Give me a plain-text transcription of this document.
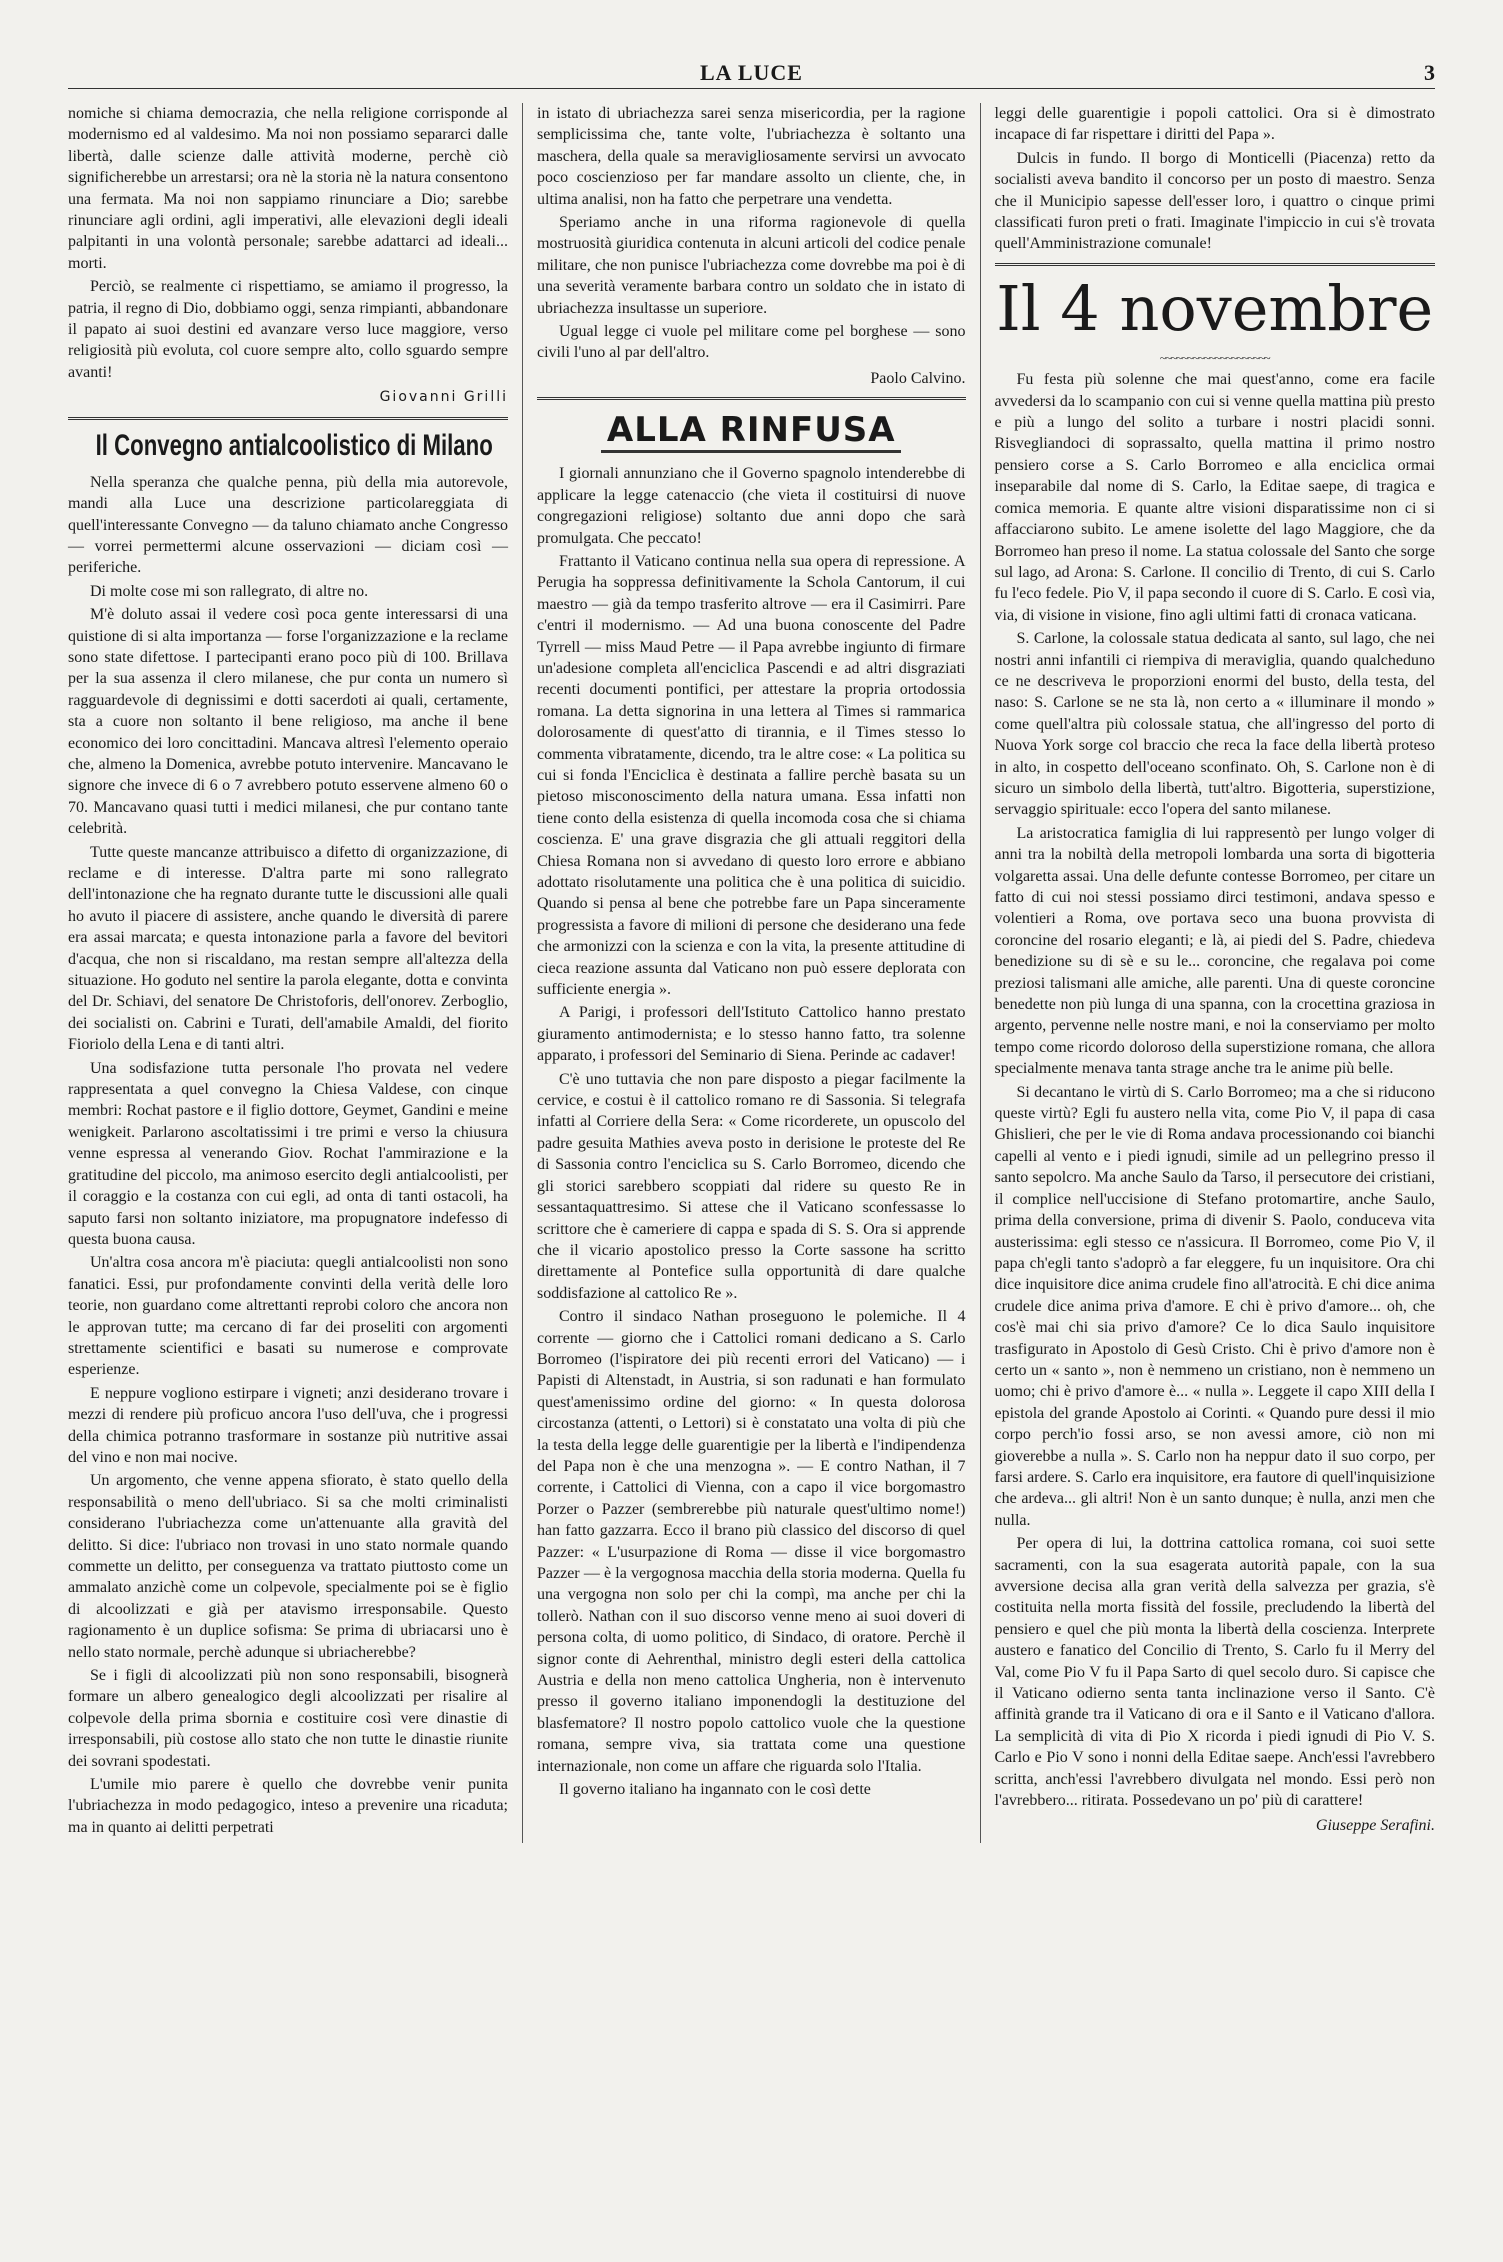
LA LUCE	3

nomiche si chiama democrazia, che nella religione corrisponde al modernismo ed al valdesimo. Ma noi non possiamo separarci dalle libertà, dalle scienze dalle attività moderne, perchè ciò significherebbe un arrestarsi; ora nè la storia nè la natura consentono una fermata. Ma noi non sappiamo rinunciare a Dio; sarebbe rinunciare agli ordini, agli imperativi, alle elevazioni degli ideali palpitanti in una volontà personale; sarebbe adattarci ad ideali... morti.

Perciò, se realmente ci rispettiamo, se amiamo il progresso, la patria, il regno di Dio, dobbiamo oggi, senza rimpianti, abbandonare il papato ai suoi destini ed avanzare verso luce maggiore, verso religiosità più evoluta, col cuore sempre alto, collo sguardo sempre avanti!

Giovanni Grilli
Il Convegno antialcoolistico di Milano

Nella speranza che qualche penna, più della mia autorevole, mandi alla Luce una descrizione particolareggiata di quell'interessante Convegno — da taluno chiamato anche Congresso — vorrei permettermi alcune osservazioni — diciam così — periferiche.

Di molte cose mi son rallegrato, di altre no.

M'è doluto assai il vedere così poca gente interessarsi di una quistione di si alta importanza — forse l'organizzazione e la reclame sono state difettose. I partecipanti erano poco più di 100. Brillava per la sua assenza il clero milanese, che pur conta un numero sì ragguardevole di degnissimi e dotti sacerdoti ai quali, certamente, sta a cuore non soltanto il bene religioso, ma anche il bene economico dei loro concittadini. Mancava altresì l'elemento operaio che, almeno la Domenica, avrebbe potuto intervenire. Mancavano le signore che invece di 6 o 7 avrebbero potuto esservene almeno 60 o 70. Mancavano quasi tutti i medici milanesi, che pur contano tante celebrità.

Tutte queste mancanze attribuisco a difetto di organizzazione, di reclame e di interesse. D'altra parte mi sono rallegrato dell'intonazione che ha regnato durante tutte le discussioni alle quali ho avuto il piacere di assistere, anche quando le diversità di parere era assai marcata; e questa intonazione parla a favore del bevitori d'acqua, che non si riscaldano, ma restan sempre all'altezza della situazione. Ho goduto nel sentire la parola elegante, dotta e convinta del Dr. Schiavi, del senatore De Christoforis, dell'onorev. Zerboglio, dei socialisti on. Cabrini e Turati, dell'amabile Amaldi, del fiorito Fioriolo della Lena e di tanti altri.

Una sodisfazione tutta personale l'ho provata nel vedere rappresentata a quel convegno la Chiesa Valdese, con cinque membri: Rochat pastore e il figlio dottore, Geymet, Gandini e meine wenigkeit. Parlarono ascoltatissimi i tre primi e verso la chiusura venne espressa al venerando Giov. Rochat l'ammirazione e la gratitudine del piccolo, ma animoso esercito degli antialcoolisti, per il coraggio e la costanza con cui egli, ad onta di tanti ostacoli, ha saputo farsi non soltanto iniziatore, ma propugnatore indefesso di questa buona causa.

Un'altra cosa ancora m'è piaciuta: quegli antialcoolisti non sono fanatici. Essi, pur profondamente convinti della verità delle loro teorie, non guardano come altrettanti reprobi coloro che ancora non le approvan tutte; ma cercano di far dei proseliti con argomenti strettamente scientifici e basati su numerose e comprovate esperienze.

E neppure vogliono estirpare i vigneti; anzi desiderano trovare i mezzi di rendere più proficuo ancora l'uso dell'uva, che i progressi della chimica potranno trasformare in sostanze più nutritive assai del vino e non mai nocive.

Un argomento, che venne appena sfiorato, è stato quello della responsabilità o meno dell'ubriaco. Si sa che molti criminalisti considerano l'ubriachezza come un'attenuante alla gravità del delitto. Si dice: l'ubriaco non trovasi in uno stato normale quando commette un delitto, per conseguenza va trattato piuttosto come un ammalato anzichè come un colpevole, specialmente poi se è figlio di alcoolizzati e già per atavismo irresponsabile. Questo ragionamento è un duplice sofisma: Se prima di ubriacarsi uno è nello stato normale, perchè adunque si ubriacherebbe?

Se i figli di alcoolizzati più non sono responsabili, bisognerà formare un albero genealogico degli alcoolizzati per risalire al colpevole della prima sbornia e costituire così vere dinastie di irresponsabili, più costose allo stato che non tutte le dinastie riunite dei sovrani spodestati.

L'umile mio parere è quello che dovrebbe venir punita l'ubriachezza in modo pedagogico, inteso a prevenire una ricaduta; ma in quanto ai delitti perpetrati

in istato di ubriachezza sarei senza misericordia, per la ragione semplicissima che, tante volte, l'ubriachezza è soltanto una maschera, della quale sa meravigliosamente servirsi un avvocato poco coscienzioso per far mandare assolto un cliente, che, in ultima analisi, non ha fatto che perpetrare una vendetta.

Speriamo anche in una riforma ragionevole di quella mostruosità giuridica contenuta in alcuni articoli del codice penale militare, che non punisce l'ubriachezza come dovrebbe ma poi è di una severità veramente barbara contro un soldato che in istato di ubriachezza insultasse un superiore.

Ugual legge ci vuole pel militare come pel borghese — sono civili l'uno al par dell'altro.

Paolo Calvino.
ALLA RINFUSA

I giornali annunziano che il Governo spagnolo intenderebbe di applicare la legge catenaccio (che vieta il costituirsi di nuove congregazioni religiose) soltanto due anni dopo che sarà promulgata. Che peccato!

Frattanto il Vaticano continua nella sua opera di repressione. A Perugia ha soppressa definitivamente la Schola Cantorum, il cui maestro — già da tempo trasferito altrove — era il Casimirri. Pare c'entri il modernismo. — Ad una buona conoscente del Padre Tyrrell — miss Maud Petre — il Papa avrebbe ingiunto di firmare un'adesione completa all'enciclica Pascendi e ad altri disgraziati recenti documenti pontifici, per attestare la propria ortodossia romana. La detta signorina in una lettera al Times si rammarica dolorosamente di quest'atto di tirannia, e il Times stesso lo commenta vibratamente, dicendo, tra le altre cose: « La politica su cui si fonda l'Enciclica è destinata a fallire perchè basata su un pietoso misconoscimento della natura umana. Essa infatti non tiene conto della esistenza di quella incomoda cosa che si chiama coscienza. E' una grave disgrazia che gli attuali reggitori della Chiesa Romana non si avvedano di questo loro errore e abbiano adottato risolutamente una politica che è una politica di suicidio. Quando si pensa al bene che potrebbe fare un Papa sinceramente progressista a favore di milioni di persone che desiderano una fede che armonizzi con la scienza e con la vita, la presente attitudine di cieca reazione assunta dal Vaticano non può essere deplorata con sufficiente energia ».

A Parigi, i professori dell'Istituto Cattolico hanno prestato giuramento antimodernista; e lo stesso hanno fatto, tra solenne apparato, i professori del Seminario di Siena. Perinde ac cadaver!

C'è uno tuttavia che non pare disposto a piegar facilmente la cervice, e costui è il cattolico romano re di Sassonia. Si telegrafa infatti al Corriere della Sera: « Come ricorderete, un opuscolo del padre gesuita Mathies aveva posto in derisione le proteste del Re di Sassonia contro l'enciclica su S. Carlo Borromeo, dicendo che gli storici sarebbero scoppiati dal ridere su questo Re in sessantaquattresimo. Si attese che il Vaticano sconfessasse lo scrittore che è cameriere di cappa e spada di S. S. Ora si apprende che il vicario apostolico presso la Corte sassone ha scritto direttamente al Pontefice sulla opportunità di dare qualche soddisfazione al cattolico Re ».

Contro il sindaco Nathan proseguono le polemiche. Il 4 corrente — giorno che i Cattolici romani dedicano a S. Carlo Borromeo (l'ispiratore dei più recenti errori del Vaticano) — i Papisti di Altenstadt, in Austria, si son radunati e han formulato quest'amenissimo ordine del giorno: « In questa dolorosa circostanza (attenti, o Lettori) si è constatato una volta di più che la testa della legge delle guarentigie per la libertà e l'indipendenza del Papa non è che una menzogna ». — E contro Nathan, il 7 corrente, i Cattolici di Vienna, con a capo il vice borgomastro Porzer o Pazzer (sembrerebbe più naturale quest'ultimo nome!) han fatto gazzarra. Ecco il brano più classico del discorso di quel Pazzer: « L'usurpazione di Roma — disse il vice borgomastro Pazzer — è la vergognosa macchia della storia moderna. Quella fu una vergogna non solo per chi la compì, ma anche per chi la tollerò. Nathan con il suo discorso venne meno ai suoi doveri di persona colta, di uomo politico, di Sindaco, di oratore. Perchè il signor conte di Aehrenthal, ministro degli esteri della cattolica Austria e della non meno cattolica Ungheria, non è intervenuto presso il governo italiano imponendogli la destituzione del blasfematore? Il nostro popolo cattolico vuole che la questione romana, sempre viva, sia trattata come una questione internazionale, non come un affare che riguarda solo l'Italia.

Il governo italiano ha ingannato con le così dette

leggi delle guarentigie i popoli cattolici. Ora si è dimostrato incapace di far rispettare i diritti del Papa ».

Dulcis in fundo. Il borgo di Monticelli (Piacenza) retto da socialisti aveva bandito il concorso per un posto di maestro. Senza che il Municipio sapesse dell'esser loro, i quattro o cinque primi classificati furon preti o frati. Imaginate l'impiccio in cui s'è trovata quell'Amministrazione comunale!

Il 4 novembre
~~~~~~~~~~~~~~~~~~~~

Fu festa più solenne che mai quest'anno, come era facile avvedersi da lo scampanio con cui si venne quella mattina più presto e più a lungo del solito a turbare i nostri placidi sonni. Risvegliandoci di soprassalto, quella mattina il primo nostro pensiero corse a S. Carlo Borromeo e alla enciclica ormai inseparabile dal nome di S. Carlo, la Editae saepe, di tragica e comica memoria. E quante altre visioni disparatissime non ci si affacciarono subito. Le amene isolette del lago Maggiore, che da Borromeo han preso il nome. La statua colossale del Santo che sorge sul lago, ad Arona: S. Carlone. Il concilio di Trento, di cui S. Carlo fu l'eco fedele. Pio V, il papa secondo il cuore di S. Carlo. E così via, via, di visione in visione, fino agli ultimi fatti di cronaca vaticana.

S. Carlone, la colossale statua dedicata al santo, sul lago, che nei nostri anni infantili ci riempiva di meraviglia, quando qualcheduno ce ne descriveva le proporzioni enormi del busto, della testa, del naso: S. Carlone se ne sta là, non certo a « illuminare il mondo » come quell'altra più colossale statua, che all'ingresso del porto di Nuova York sorge col braccio che reca la face della libertà proteso in alto, in cospetto dell'oceano sconfinato. Oh, S. Carlone non è di sicuro un simbolo della libertà, tutt'altro. Bigotteria, superstizione, servaggio spirituale: ecco l'opera del santo milanese.

La aristocratica famiglia di lui rappresentò per lungo volger di anni tra la nobiltà della metropoli lombarda una sorta di bigotteria volgaretta assai. Una delle defunte contesse Borromeo, per citare un fatto di cui noi stessi possiamo dirci testimoni, andava spesso e volentieri a Roma, ove portava seco una buona provvista di coroncine del rosario eleganti; e là, ai piedi del S. Padre, chiedeva benedizione su di sè e su le... coroncine, che regalava poi come preziosi talismani alle amiche, alle parenti. Una di queste coroncine benedette non più lunga di una spanna, con la crocettina graziosa in argento, pervenne nelle nostre mani, e noi la conserviamo per molto tempo come ricordo doloroso della superstizione romana, che allora specialmente menava tanta strage anche tra le anime più belle.

Si decantano le virtù di S. Carlo Borromeo; ma a che si riducono queste virtù? Egli fu austero nella vita, come Pio V, il papa di casa Ghislieri, che per le vie di Roma andava processionando coi bianchi capelli al vento e i piedi ignudi, simile ad un pellegrino presso il santo sepolcro. Ma anche Saulo da Tarso, il persecutore dei cristiani, il complice nell'uccisione di Stefano protomartire, anche Saulo, prima della conversione, prima di divenir S. Paolo, conduceva vita austerissima: egli stesso ce n'assicura. Il Borromeo, come Pio V, il papa ch'egli tanto s'adoprò a far eleggere, fu un inquisitore. Ora chi dice inquisitore dice anima crudele fino all'atrocità. E chi dice anima crudele dice anima priva d'amore. E chi è privo d'amore... oh, che cos'è mai chi sia privo d'amore? Ce lo dica Saulo inquisitore trasfigurato in Apostolo di Gesù Cristo. Chi è privo d'amore non è certo un « santo », non è nemmeno un cristiano, non è nemmeno un uomo; chi è privo d'amore è... « nulla ». Leggete il capo XIII della I epistola del grande Apostolo ai Corinti. « Quando pure dessi il mio corpo perch'io fossi arso, se non avessi amore, ciò non mi gioverebbe a nulla ». S. Carlo non ha neppur dato il suo corpo, per farsi ardere. S. Carlo era inquisitore, era fautore di quell'inquisizione che ardeva... gli altri! Non è un santo dunque; è nulla, anzi men che nulla.

Per opera di lui, la dottrina cattolica romana, coi suoi sette sacramenti, con la sua esagerata autorità papale, con la sua avversione decisa alla gran verità della salvezza per grazia, s'è costituita nella morta fissità del fossile, precludendo la libertà del pensiero e quel che più monta la libertà della coscienza. Interprete austero e fanatico del Concilio di Trento, S. Carlo fu il Merry del Val, come Pio V fu il Papa Sarto di quel secolo duro. Si capisce che il Vaticano odierno senta tanta inclinazione verso il Santo. C'è affinità grande tra il Vaticano di ora e il Santo e il Vaticano d'allora. La semplicità di vita di Pio X ricorda i piedi ignudi di Pio V. S. Carlo e Pio V sono i nonni della Editae saepe. Anch'essi l'avrebbero scritta, anch'essi l'avrebbero divulgata nel mondo. Essi però non l'avrebbero... ritirata. Possedevano un po' più di carattere!

Giuseppe Serafini.
